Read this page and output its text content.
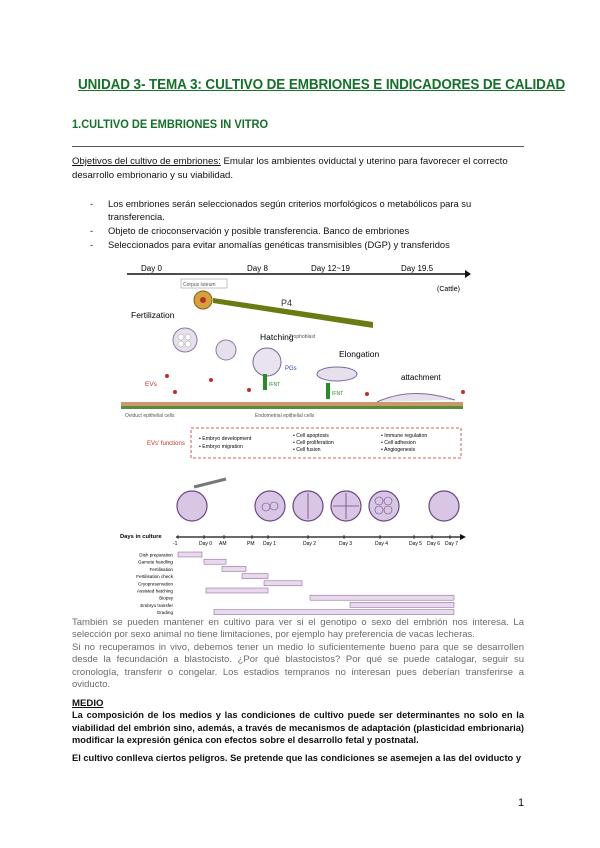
UNIDAD 3- TEMA 3: CULTIVO DE EMBRIONES E INDICADORES DE CALIDAD
1.CULTIVO DE EMBRIONES IN VITRO
Objetivos del cultivo de embriones: Emular los ambientes oviductal y uterino para favorecer el correcto desarrollo embrionario y su viabilidad.
- Los embriones serán seleccionados según criterios morfológicos o metabólicos para su transferencia.
- Objeto de crioconservación y posible transferencia. Banco de embriones
- Seleccionados para evitar anomalías genéticas transmisibles (DGP) y transferidos
Day 0	Day 8	Day 12~19	Day 19.5
(Cattle)
Corpus luteum
P4
Fertilization
Hatching
Trophoblast
PGs
Elongation
IFNT
IFNT
attachment
EVs
Oviduct epithelial cells	Endometrial epithelial cells
EVs' functions
• Embryo development
• Embryo migration
• Cell apoptosis
• Cell proliferation
• Cell fusion
• Immune regulation
• Cell adhesion
• Angiogenesis
Days in culture
-1	Day 0 AM	PM Day 1	Day 2	Day 3	Day 4	Day 5 Day 6 Day 7
Dish preparation
Gamete handling
Fertilisation
Fertilisation check
Cryopreservation
Assisted hatching
Biopsy
Embryo transfer
Grading
También se pueden mantener en cultivo para ver si el genotipo o sexo del embrión nos interesa. La selección por sexo animal no tiene limitaciones, por ejemplo hay preferencia de vacas lecheras.
Si no recuperamos in vivo, debemos tener un medio lo suficientemente bueno para que se desarrollen desde la fecundación a blastocisto. ¿Por qué blastocistos? Por qué se puede catalogar, seguir su cronología, transferir o congelar. Los estadios tempranos no interesan pues deberían transferirse a oviducto.
MEDIO
La composición de los medios y las condiciones de cultivo puede ser determinantes no solo en la viabilidad del embrión sino, además, a través de mecanismos de adaptación (plasticidad embrionaria) modificar la expresión génica con efectos sobre el desarrollo fetal y postnatal.
El cultivo conlleva ciertos peligros. Se pretende que las condiciones se asemejen a las del oviducto y
1
